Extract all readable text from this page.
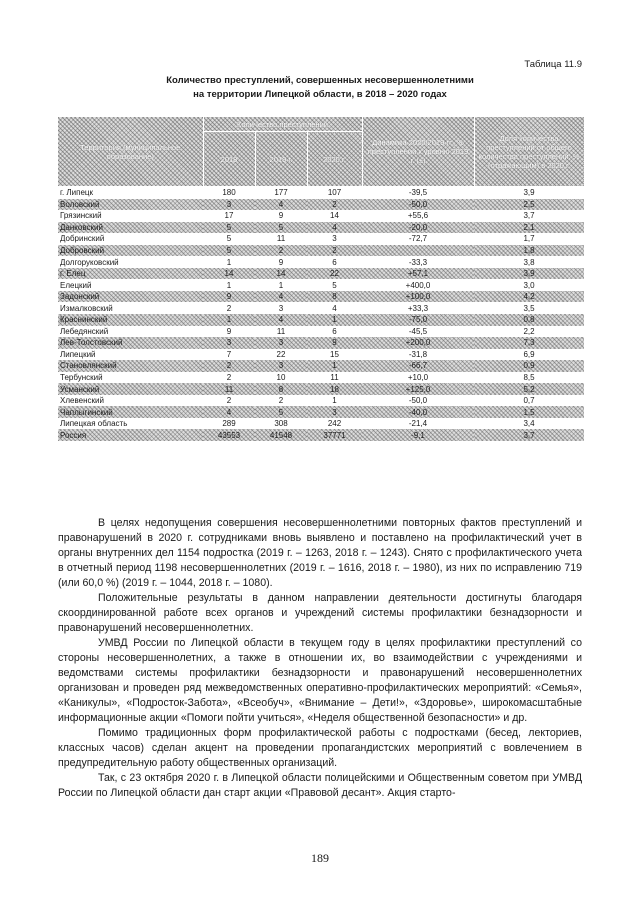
Таблица 11.9
Количество преступлений, совершенных несовершеннолетними
на территории Липецкой области, в 2018 – 2020 годах
Территория (муниципальное образование)	Количество преступлений			Динамика 2020/2019 гг., % преступлений к уровню 2019 г. (±)	Доля количества преступлений от общего количества преступлений, % (отражающим) в 2020 г.
	2018	2019 г.	2020 г.		
г. Липецк	180	177	107	-39,5	3,9
Воловский	3	4	2	-50,0	2,5
Грязинский	17	9	14	+55,6	3,7
Данковский	5	5	4	-20,0	2,1
Добринский	5	11	3	-72,7	1,7
Добровский	5	2	2		1,8
Долгоруковский	1	9	6	-33,3	3,8
г. Елец	14	14	22	+57,1	3,9
Елецкий	1	1	5	+400,0	3,0
Задонский	9	4	8	+100,0	4,2
Измалковский	2	3	4	+33,3	3,5
Краснинский	1	4	1	-75,0	0,8
Лебедянский	9	11	6	-45,5	2,2
Лев-Толстовский	3	3	9	+200,0	7,3
Липецкий	7	22	15	-31,8	6,9
Становлянский	2	3	1	-66,7	0,9
Тербунский	2	10	11	+10,0	8,5
Усманский	11	8	18	+125,0	5,2
Хлевенский	2	2	1	-50,0	0,7
Чаплыгинский	4	5	3	-40,0	1,5
Липецкая область	289	308	242	-21,4	3,4
Россия	43553	41548	37771	-9,1	3,7

В целях недопущения совершения несовершеннолетними повторных фактов преступлений и правонарушений в 2020 г. сотрудниками вновь выявлено и поставлено на профилактический учет в органы внутренних дел 1154 подростка (2019 г. – 1263, 2018 г. – 1243). Снято с профилактического учета в отчетный период 1198 несовершеннолетних (2019 г. – 1616, 2018 г. – 1980), из них по исправлению 719 (или 60,0 %) (2019 г. – 1044, 2018 г. – 1080).

Положительные результаты в данном направлении деятельности достигнуты благодаря скоординированной работе всех органов и учреждений системы профилактики безнадзорности и правонарушений несовершеннолетних.

УМВД России по Липецкой области в текущем году в целях профилактики преступлений со стороны несовершеннолетних, а также в отношении их, во взаимодействии с учреждениями и ведомствами системы профилактики безнадзорности и правонарушений несовершеннолетних организован и проведен ряд межведомственных оперативно-профилактических мероприятий: «Семья», «Каникулы», «Подросток-Забота», «Всеобуч», «Внимание – Дети!», «Здоровье», широкомасштабные информационные акции «Помоги пойти учиться», «Неделя общественной безопасности» и др.

Помимо традиционных форм профилактической работы с подростками (бесед, лекториев, классных часов) сделан акцент на проведении пропагандистских мероприятий с вовлечением в предупредительную работу общественных организаций.

Так, с 23 октября 2020 г. в Липецкой области полицейскими и Общественным советом при УМВД России по Липецкой области дан старт акции «Правовой десант». Акция старто-

189
